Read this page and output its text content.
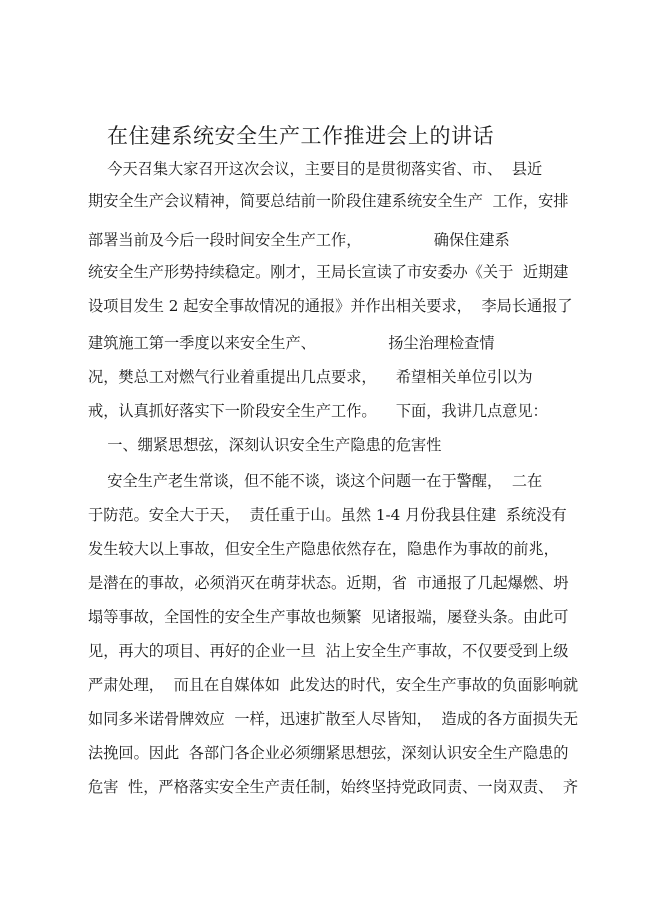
在住建系统安全生产工作推进会上的讲话

今天召集大家召开这次会议，主要目的是贯彻落实省、市、  县近

期安全生产会议精神，简要总结前一阶段住建系统安全生产  工作，安排

部署当前及今后一段时间安全生产工作，               确保住建系

统安全生产形势持续稳定。刚才，王局长宣读了市安委办《关于  近期建

设项目发生 2 起安全事故情况的通报》并作出相关要求，  李局长通报了

建筑施工第一季度以来安全生产、               扬尘治理检查情

况，樊总工对燃气行业着重提出几点要求，    希望相关单位引以为

戒，认真抓好落实下一阶段安全生产工作。    下面，我讲几点意见：

一、绷紧思想弦，深刻认识安全生产隐患的危害性

安全生产老生常谈，但不能不谈，谈这个问题一在于警醒，  二在

于防范。安全大于天，  责任重于山。虽然 1-4 月份我县住建  系统没有

发生较大以上事故，但安全生产隐患依然存在，隐患作为事故的前兆，

是潜在的事故，必须消灭在萌芽状态。近期，省  市通报了几起爆燃、坍

塌等事故，全国性的安全生产事故也频繁  见诸报端，屡登头条。由此可

见，再大的项目、再好的企业一旦  沾上安全生产事故，不仅要受到上级

严肃处理，  而且在自媒体如  此发达的时代，安全生产事故的负面影响就

如同多米诺骨牌效应  一样，迅速扩散至人尽皆知，  造成的各方面损失无

法挽回。因此  各部门各企业必须绷紧思想弦，深刻认识安全生产隐患的

危害  性，严格落实安全生产责任制，始终坚持党政同责、一岗双责、  齐
